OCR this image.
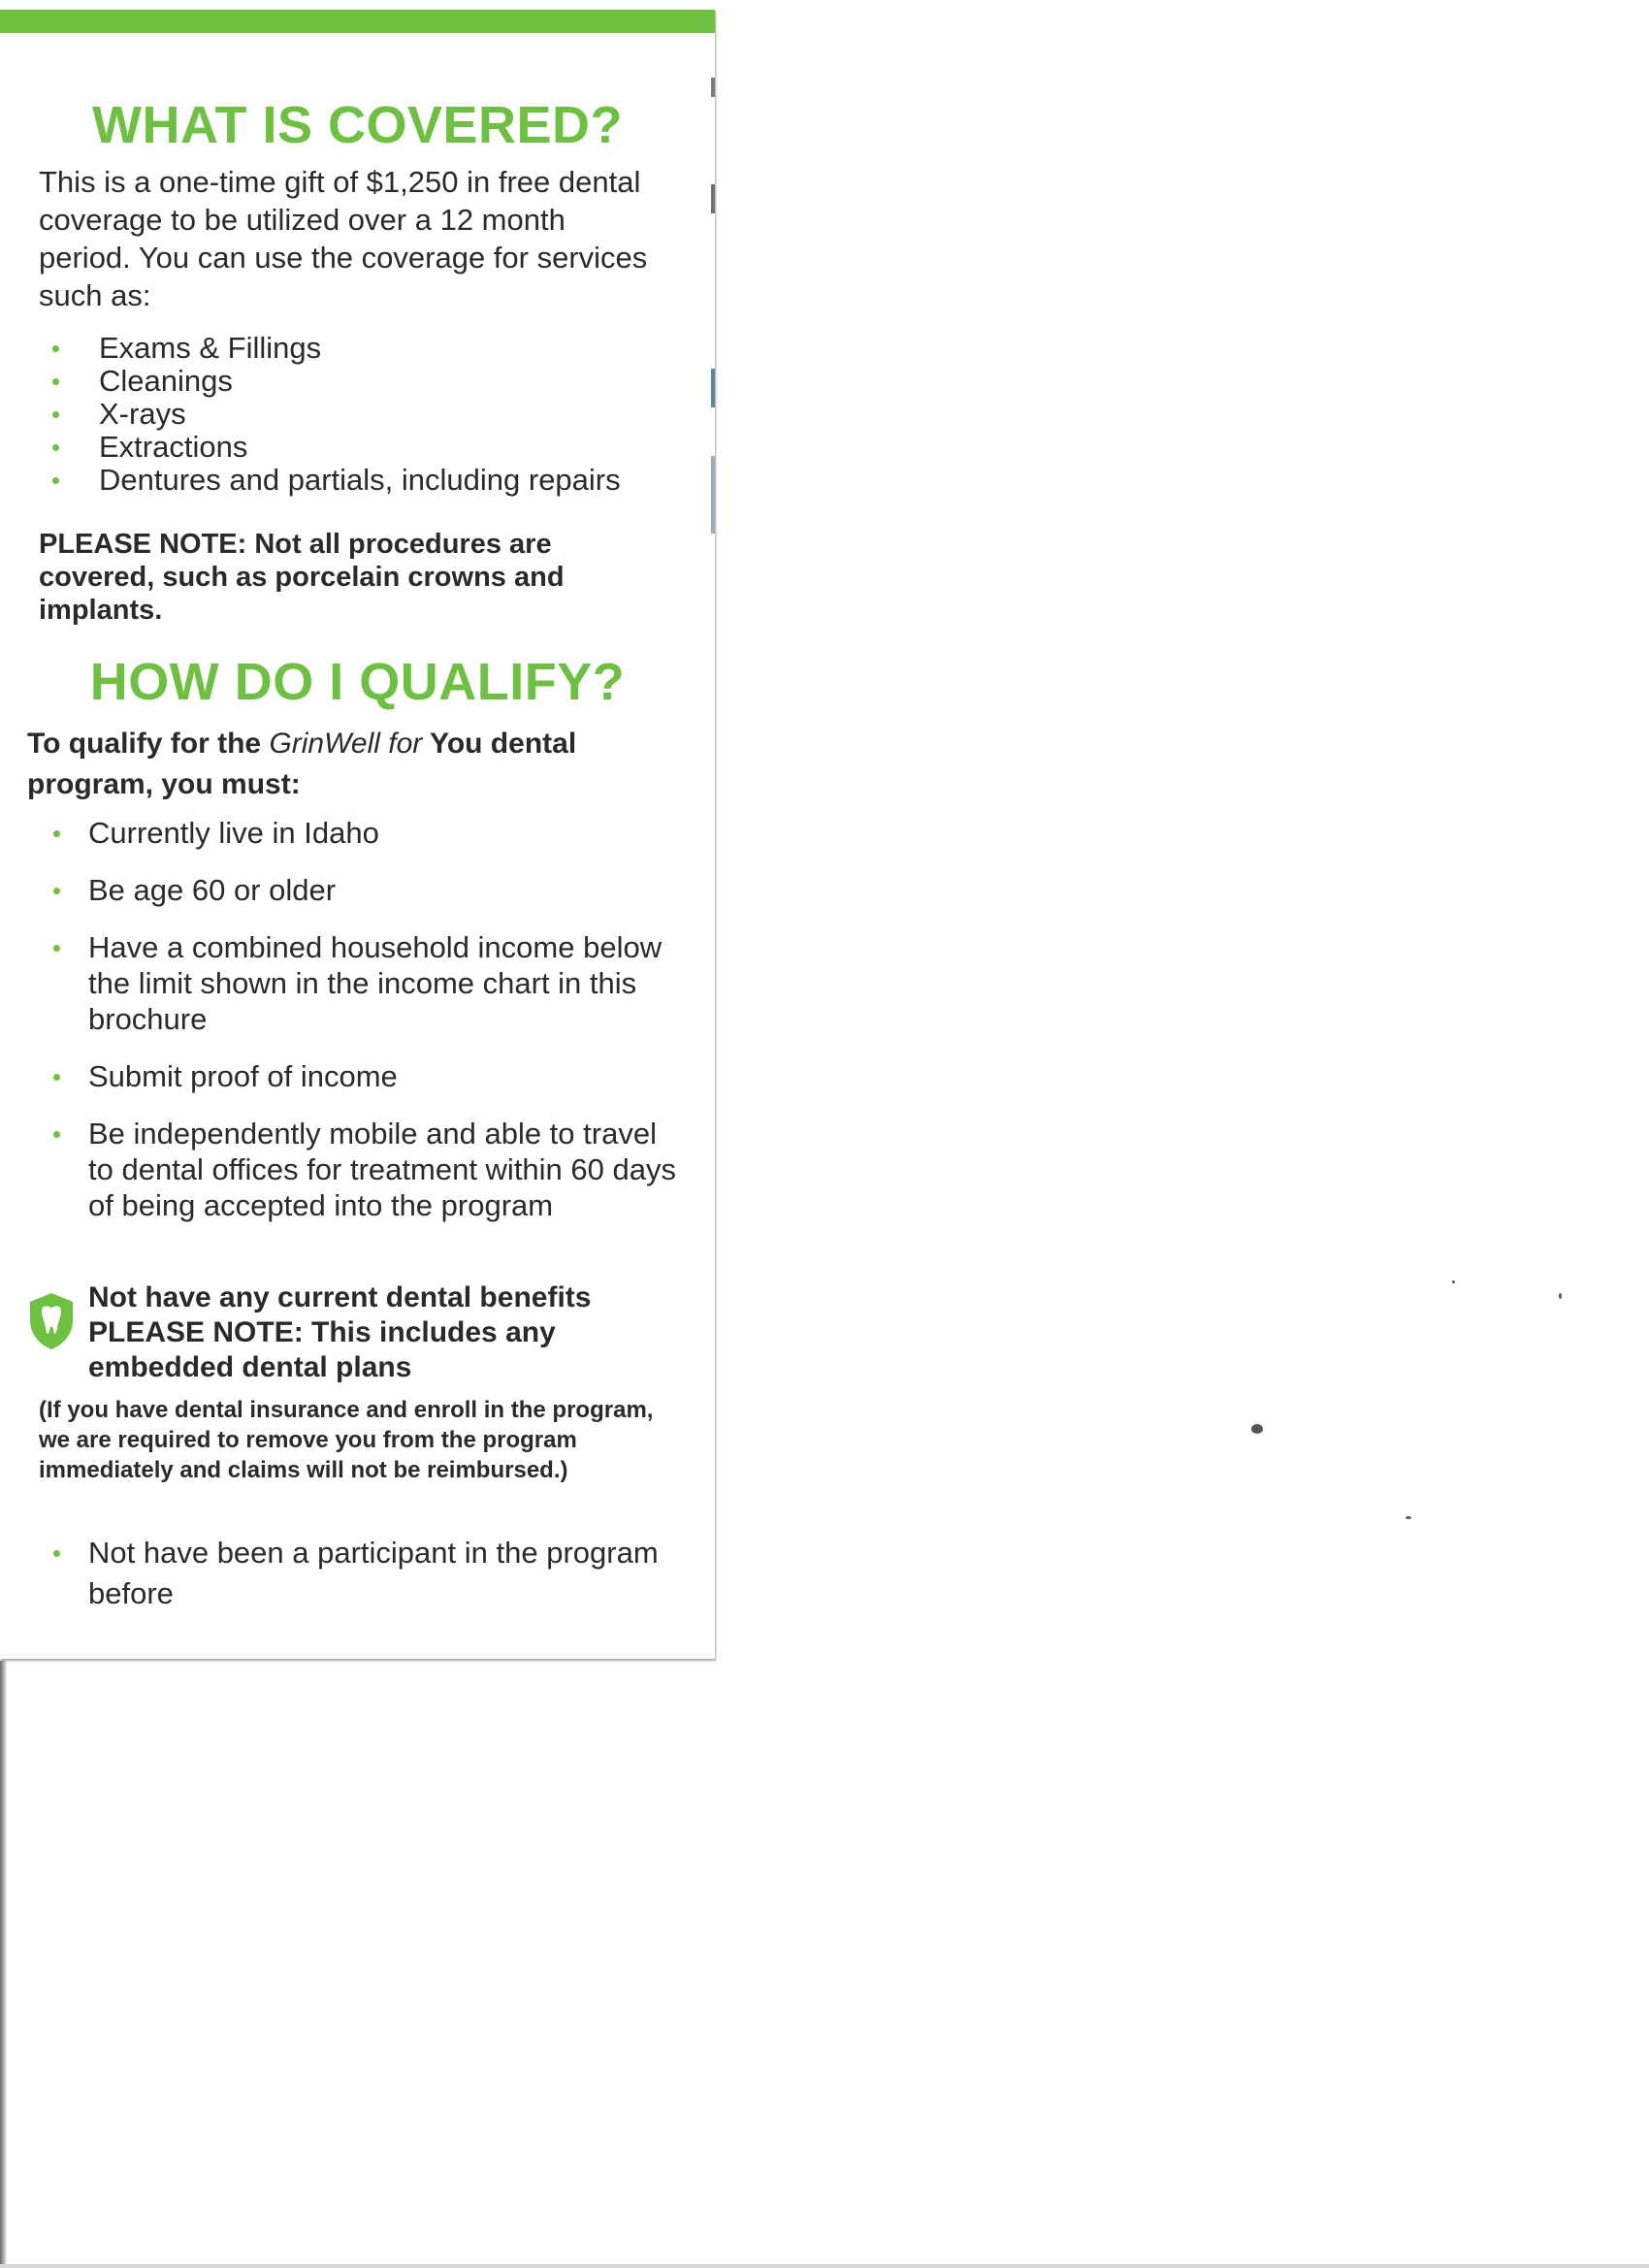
WHAT IS COVERED?

This is a one-time gift of $1,250 in free dental coverage to be utilized over a 12 month period. You can use the coverage for services such as:

Exams & Fillings
Cleanings
X-rays
Extractions
Dentures and partials, including repairs

PLEASE NOTE: Not all procedures are covered, such as porcelain crowns and implants.

HOW DO I QUALIFY?

To qualify for the GrinWell for You dental program, you must:

Currently live in Idaho
Be age 60 or older
Have a combined household income below the limit shown in the income chart in this brochure
Submit proof of income
Be independently mobile and able to travel to dental offices for treatment within 60 days of being accepted into the program

Not have any current dental benefits
PLEASE NOTE: This includes any embedded dental plans

(If you have dental insurance and enroll in the program, we are required to remove you from the program immediately and claims will not be reimbursed.)

Not have been a participant in the program before
